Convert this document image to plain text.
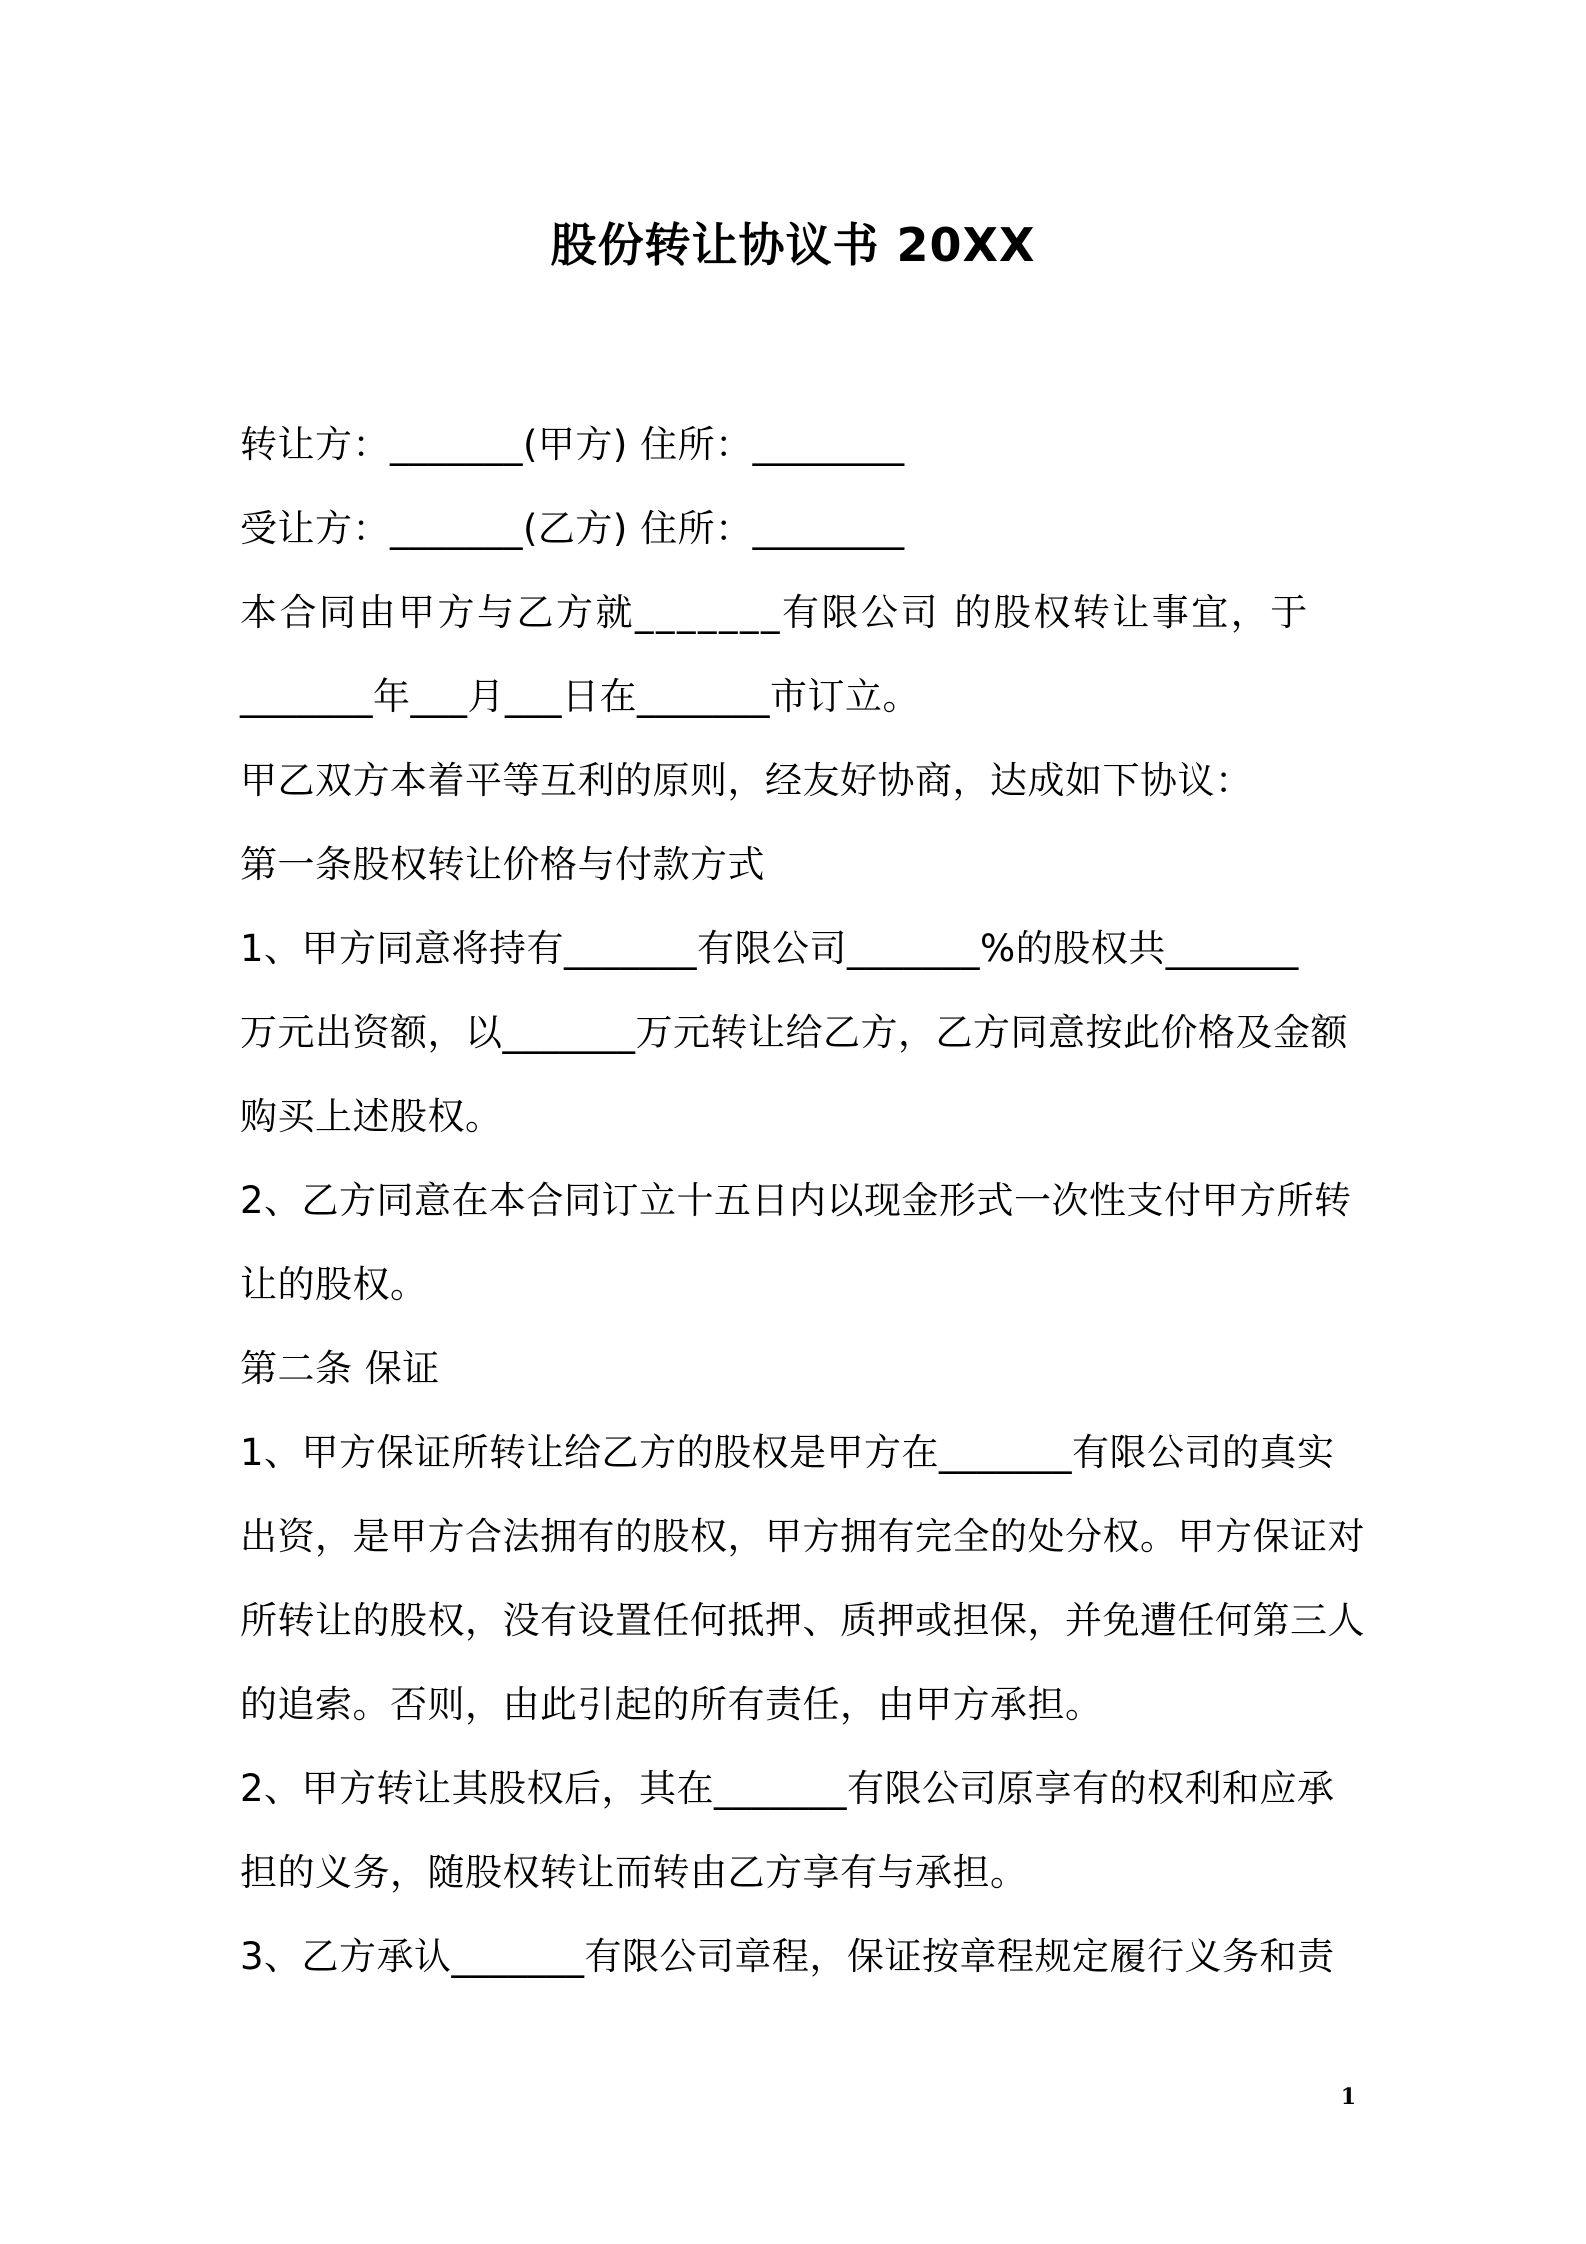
股份转让协议书 20XX
转让方：_______(甲方) 住所：________
受让方：_______(乙方) 住所：________
本合同由甲方与乙方就_______有限公司 的股权转让事宜，于
_______年___月___日在_______市订立。
甲乙双方本着平等互利的原则，经友好协商，达成如下协议：
第一条股权转让价格与付款方式
1、甲方同意将持有_______有限公司_______%的股权共_______
万元出资额，以_______万元转让给乙方，乙方同意按此价格及金额
购买上述股权。
2、乙方同意在本合同订立十五日内以现金形式一次性支付甲方所转
让的股权。
第二条 保证
1、甲方保证所转让给乙方的股权是甲方在_______有限公司的真实
出资，是甲方合法拥有的股权，甲方拥有完全的处分权。甲方保证对
所转让的股权，没有设置任何抵押、质押或担保，并免遭任何第三人
的追索。否则，由此引起的所有责任，由甲方承担。
2、甲方转让其股权后，其在_______有限公司原享有的权利和应承
担的义务，随股权转让而转由乙方享有与承担。
3、乙方承认_______有限公司章程，保证按章程规定履行义务和责
1
